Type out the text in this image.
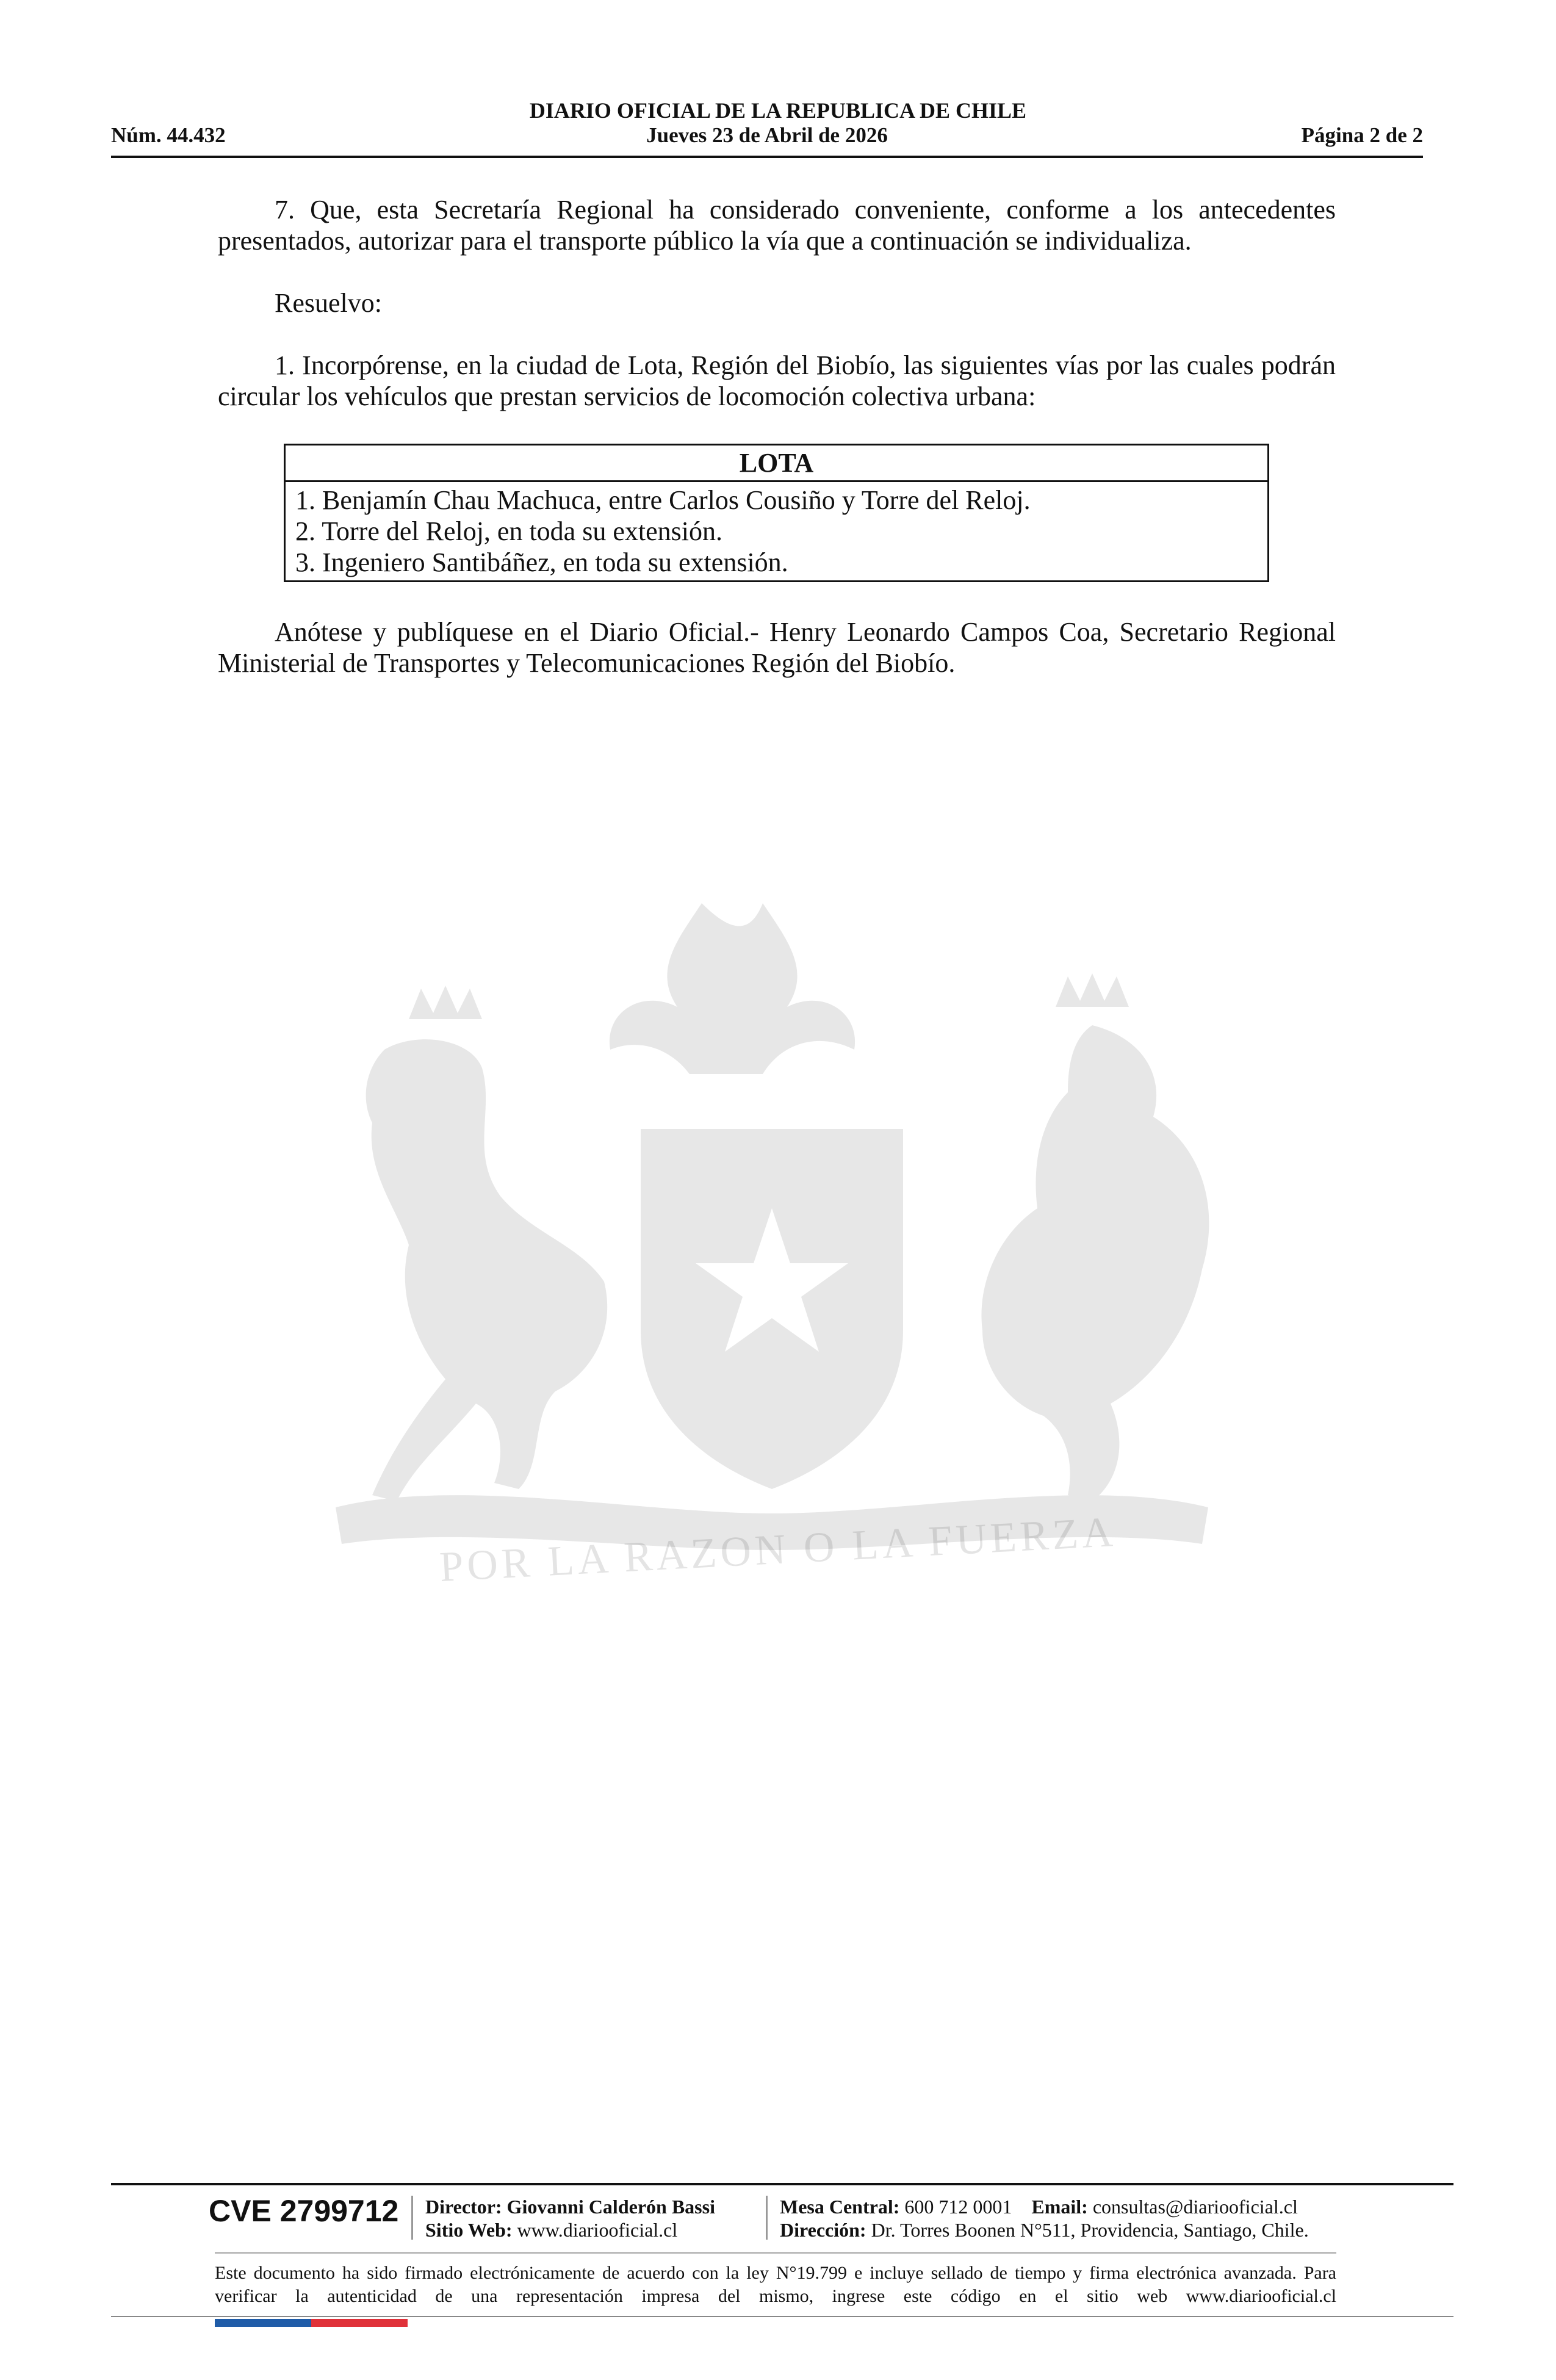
DIARIO OFICIAL DE LA REPUBLICA DE CHILE
Núm. 44.432	Jueves 23 de Abril de 2026	Página 2 de 2
POR LA RAZON O LA FUERZA

7. Que, esta Secretaría Regional ha considerado conveniente, conforme a los antecedentes presentados, autorizar para el transporte público la vía que a continuación se individualiza.

Resuelvo:

1. Incorpórense, en la ciudad de Lota, Región del Biobío, las siguientes vías por las cuales podrán circular los vehículos que prestan servicios de locomoción colectiva urbana:

LOTA
1. Benjamín Chau Machuca, entre Carlos Cousiño y Torre del Reloj.
2. Torre del Reloj, en toda su extensión.
3. Ingeniero Santibáñez, en toda su extensión.

Anótese y publíquese en el Diario Oficial.- Henry Leonardo Campos Coa, Secretario Regional Ministerial de Transportes y Telecomunicaciones Región del Biobío.

CVE 2799712 Director: Giovanni Calderón Bassi
Sitio Web: www.diariooficial.cl
Mesa Central: 600 712 0001 Email: consultas@diariooficial.cl
Dirección: Dr. Torres Boonen N°511, Providencia, Santiago, Chile.
Este documento ha sido firmado electrónicamente de acuerdo con la ley N°19.799 e incluye sellado de tiempo y firma electrónica avanzada. Para verificar la autenticidad de una representación impresa del mismo, ingrese este código en el sitio web www.diariooficial.cl
